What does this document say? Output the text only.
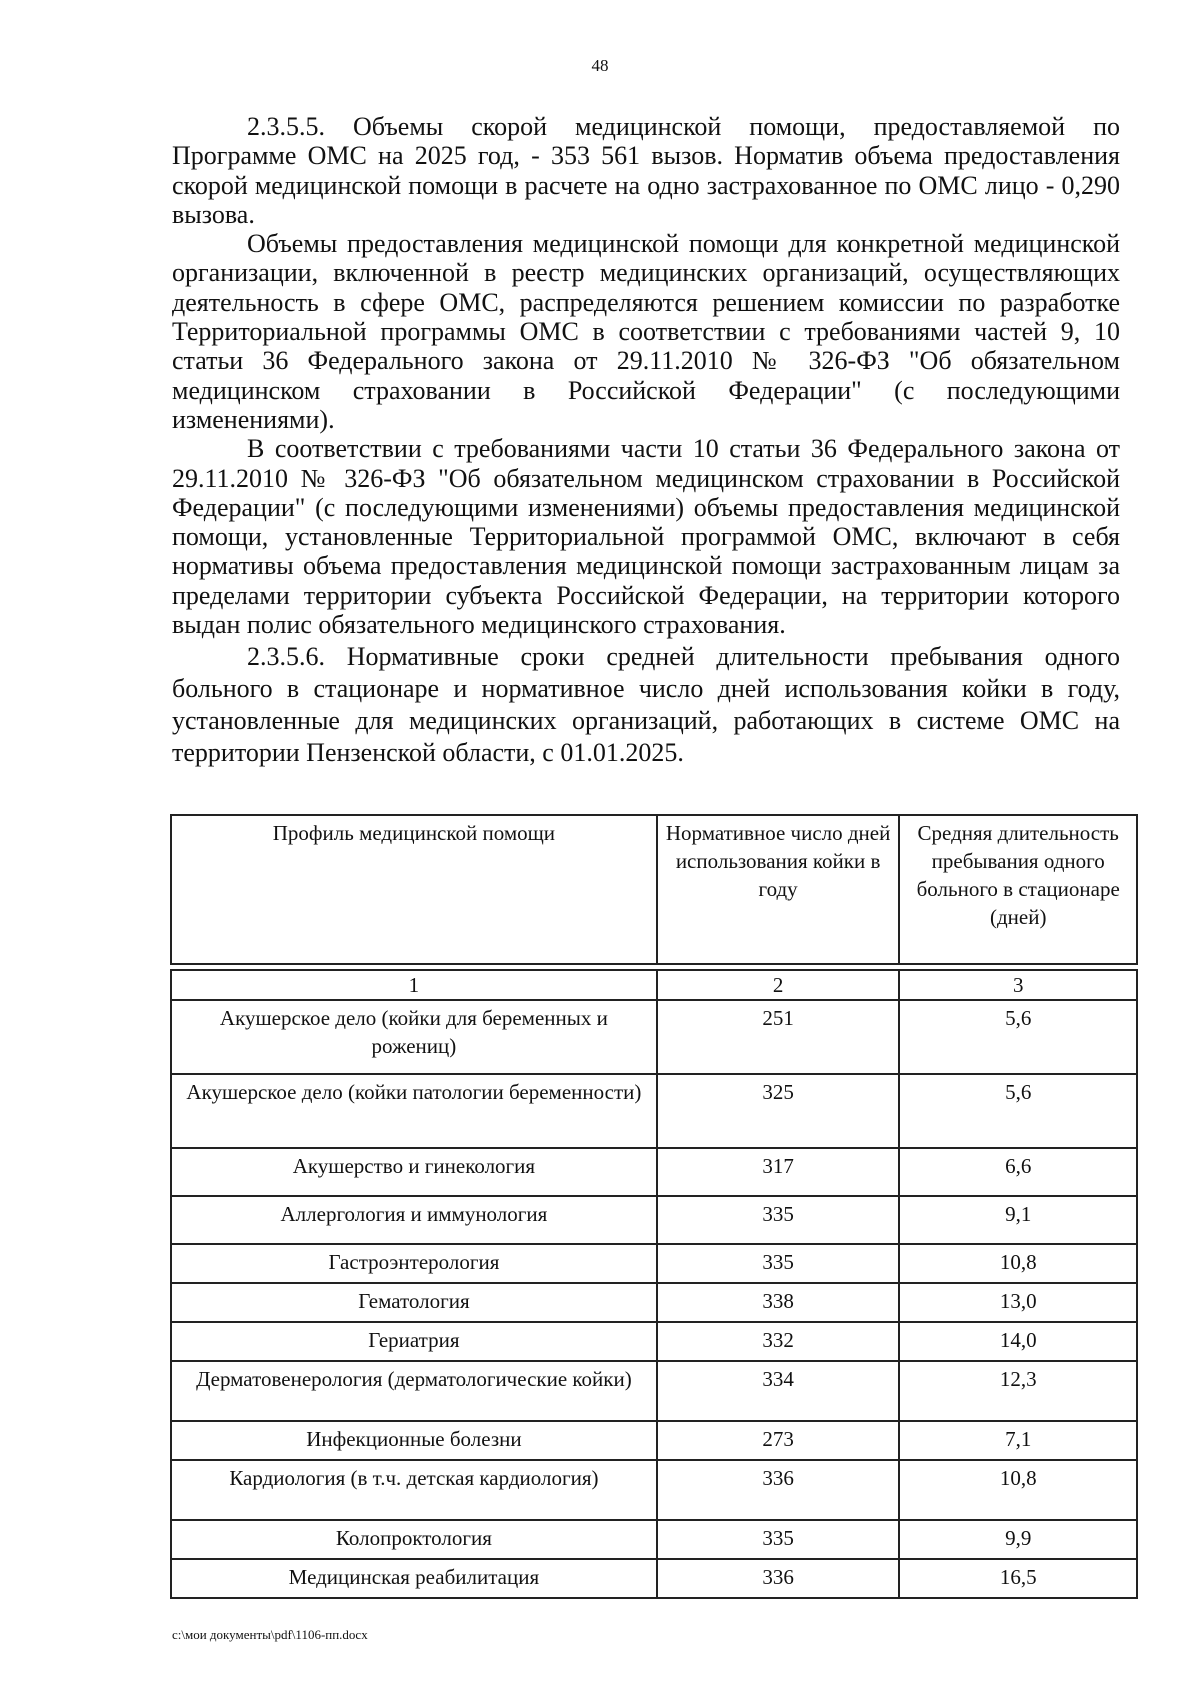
48

2.3.5.5. Объемы скорой медицинской помощи, предоставляемой по Программе ОМС на 2025 год, - 353 561 вызов. Норматив объема предоставления скорой медицинской помощи в расчете на одно застрахованное по ОМС лицо - 0,290 вызова.

Объемы предоставления медицинской помощи для конкретной медицинской организации, включенной в реестр медицинских организаций, осуществляющих деятельность в сфере ОМС, распределяются решением комиссии по разработке Территориальной программы ОМС в соответствии с требованиями частей 9, 10 статьи 36 Федерального закона от 29.11.2010 № 326-ФЗ "Об обязательном медицинском страховании в Российской Федерации" (с последующими изменениями).

В соответствии с требованиями части 10 статьи 36 Федерального закона от 29.11.2010 № 326-ФЗ "Об обязательном медицинском страховании в Российской Федерации" (с последующими изменениями) объемы предоставления медицинской помощи, установленные Территориальной программой ОМС, включают в себя нормативы объема предоставления медицинской помощи застрахованным лицам за пределами территории субъекта Российской Федерации, на территории которого выдан полис обязательного медицинского страхования.

2.3.5.6. Нормативные сроки средней длительности пребывания одного больного в стационаре и нормативное число дней использования койки в году, установленные для медицинских организаций, работающих в системе ОМС на территории Пензенской области, с 01.01.2025.

Профиль медицинской помощи	Нормативное число дней использования койки в году	Средняя длительность пребывания одного больного в стационаре (дней)

1	2	3
Акушерское дело (койки для беременных и рожениц)	251	5,6
Акушерское дело (койки патологии беременности)	325	5,6
Акушерство и гинекология	317	6,6
Аллергология и иммунология	335	9,1
Гастроэнтерология	335	10,8
Гематология	338	13,0
Гериатрия	332	14,0
Дерматовенерология (дерматологические койки)	334	12,3
Инфекционные болезни	273	7,1
Кардиология (в т.ч. детская кардиология)	336	10,8
Колопроктология	335	9,9
Медицинская реабилитация	336	16,5
c:\мои документы\pdf\1106-пп.docx
